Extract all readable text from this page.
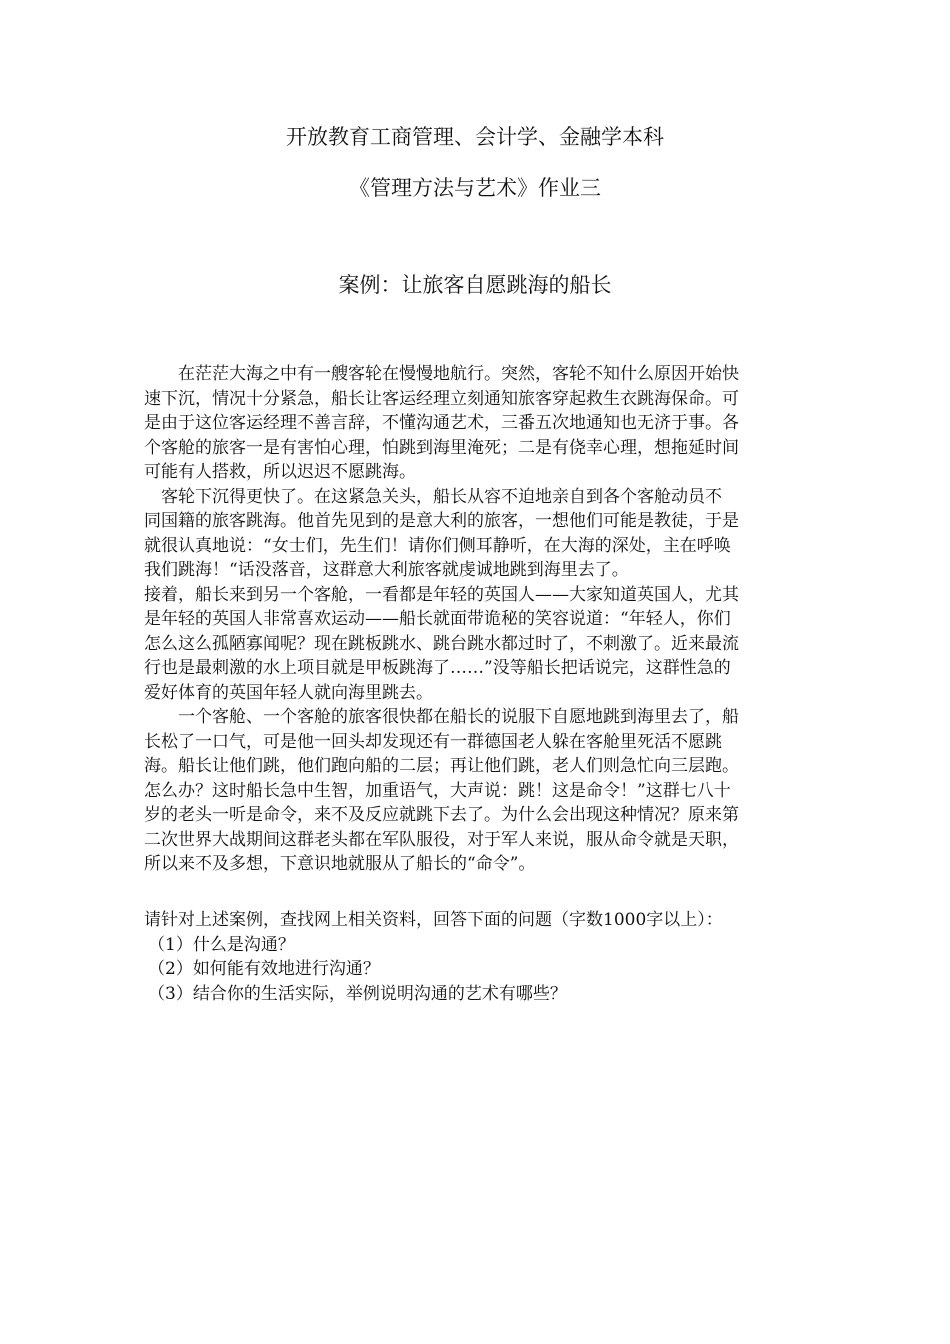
开放教育工商管理、会计学、金融学本科
《管理方法与艺术》作业三
案例：让旅客自愿跳海的船长
　　在茫茫大海之中有一艘客轮在慢慢地航行。突然，客轮不知什么原因开始快
速下沉，情况十分紧急，船长让客运经理立刻通知旅客穿起救生衣跳海保命。可
是由于这位客运经理不善言辞，不懂沟通艺术，三番五次地通知也无济于事。各
个客舱的旅客一是有害怕心理，怕跳到海里淹死；二是有侥幸心理，想拖延时间
可能有人搭救，所以迟迟不愿跳海。
　客轮下沉得更快了。在这紧急关头，船长从容不迫地亲自到各个客舱动员不
同国籍的旅客跳海。他首先见到的是意大利的旅客，一想他们可能是教徒，于是
就很认真地说：“女士们，先生们！请你们侧耳静听，在大海的深处，主在呼唤
我们跳海！“话没落音，这群意大利旅客就虔诚地跳到海里去了。
接着，船长来到另一个客舱，一看都是年轻的英国人——大家知道英国人，尤其
是年轻的英国人非常喜欢运动——船长就面带诡秘的笑容说道：“年轻人，你们
怎么这么孤陋寡闻呢？现在跳板跳水、跳台跳水都过时了，不刺激了。近来最流
行也是最刺激的水上项目就是甲板跳海了……”没等船长把话说完，这群性急的
爱好体育的英国年轻人就向海里跳去。
　　一个客舱、一个客舱的旅客很快都在船长的说服下自愿地跳到海里去了，船
长松了一口气，可是他一回头却发现还有一群德国老人躲在客舱里死活不愿跳
海。船长让他们跳，他们跑向船的二层；再让他们跳，老人们则急忙向三层跑。
怎么办？这时船长急中生智，加重语气，大声说：跳！这是命令！”这群七八十
岁的老头一听是命令，来不及反应就跳下去了。为什么会出现这种情况？原来第
二次世界大战期间这群老头都在军队服役，对于军人来说，服从命令就是天职，
所以来不及多想，下意识地就服从了船长的“命令”。
请针对上述案例，查找网上相关资料，回答下面的问题（字数1000字以上）：
（1）什么是沟通？
（2）如何能有效地进行沟通？
（3）结合你的生活实际，举例说明沟通的艺术有哪些？
